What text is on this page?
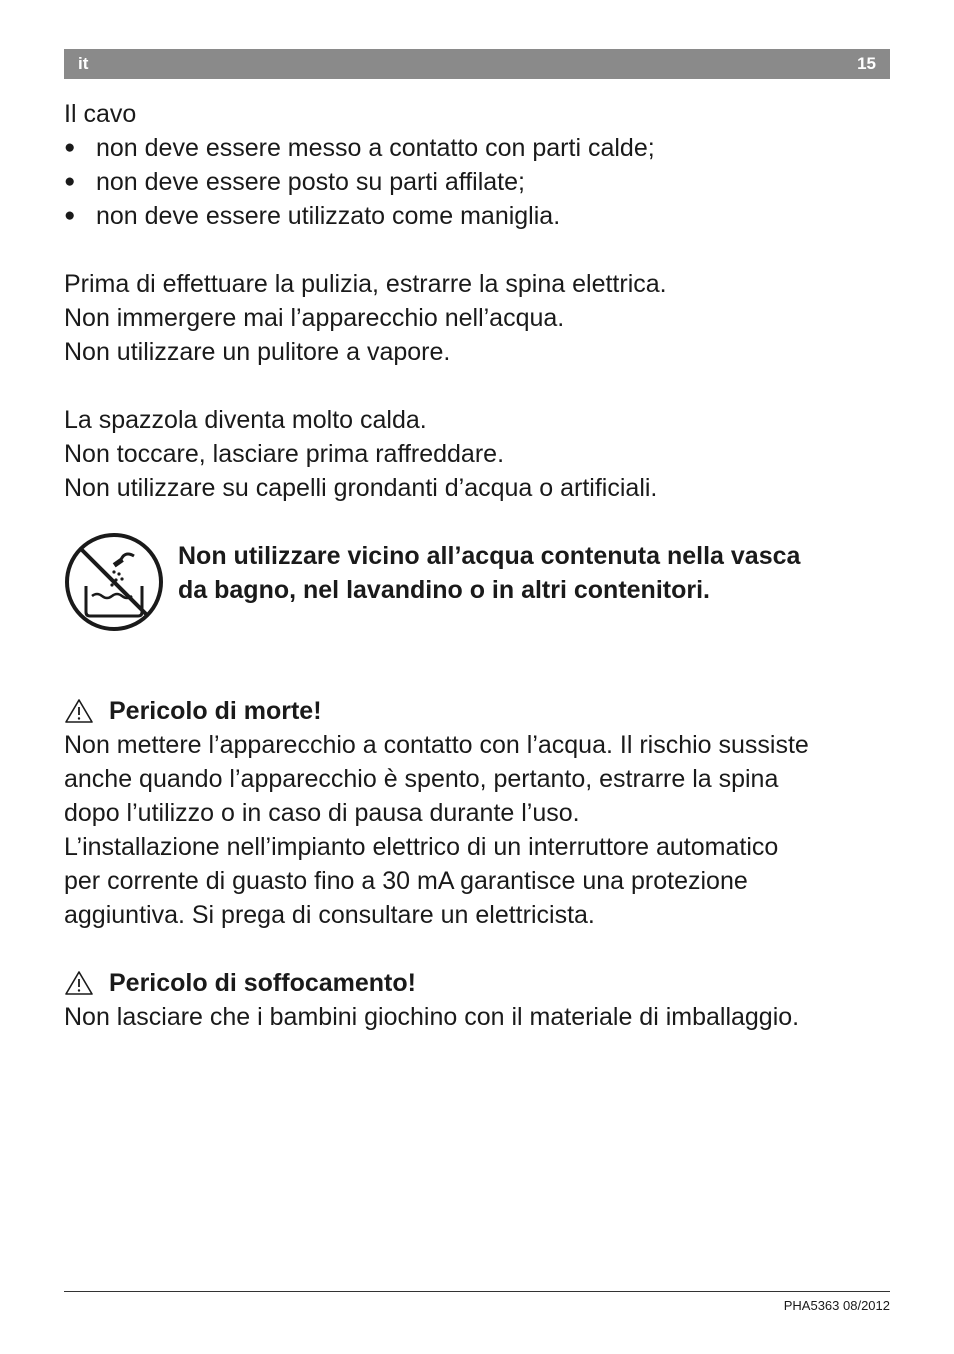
it	15

Il cavo

● non deve essere messo a contatto con parti calde;
● non deve essere posto su parti affilate;
● non deve essere utilizzato come maniglia.

Prima di effettuare la pulizia, estrarre la spina elettrica.

Non immergere mai l’apparecchio nell’acqua.

Non utilizzare un pulitore a vapore.

La spazzola diventa molto calda.

Non toccare, lasciare prima raffreddare.

Non utilizzare su capelli grondanti d’acqua o artificiali.

Non utilizzare vicino all’acqua contenuta nella vasca

da bagno, nel lavandino o in altri contenitori.

Pericolo di morte!

Non mettere l’apparecchio a contatto con l’acqua. Il rischio sussiste

anche quando l’apparecchio è spento, pertanto, estrarre la spina

dopo l’utilizzo o in caso di pausa durante l’uso.

L’installazione nell’impianto elettrico di un interruttore automatico

per corrente di guasto fino a 30 mA garantisce una protezione

aggiuntiva. Si prega di consultare un elettricista.

Pericolo di soffocamento!

Non lasciare che i bambini giochino con il materiale di imballaggio.

PHA5363 08/2012
